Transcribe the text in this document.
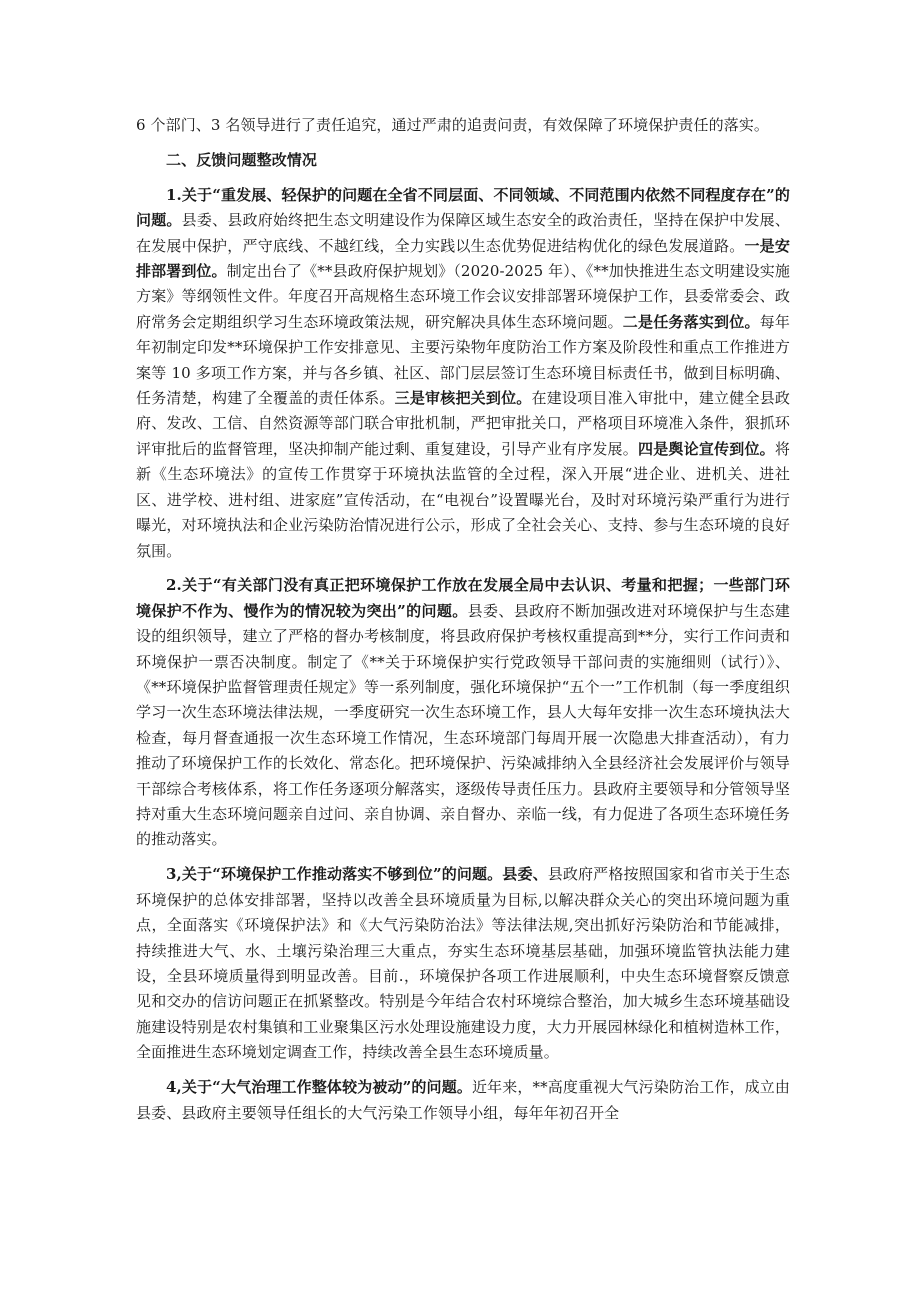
6 个部门、3 名领导进行了责任追究，通过严肃的追责问责，有效保障了环境保护责任的落实。

二、反馈问题整改情况

1.关于“重发展、轻保护的问题在全省不同层面、不同领域、不同范围内依然不同程度存在”的问题。县委、县政府始终把生态文明建设作为保障区域生态安全的政治责任，坚持在保护中发展、在发展中保护，严守底线、不越红线，全力实践以生态优势促进结构优化的绿色发展道路。一是安排部署到位。制定出台了《**县政府保护规划》（2020-2025 年）、《**加快推进生态文明建设实施方案》等纲领性文件。年度召开高规格生态环境工作会议安排部署环境保护工作，县委常委会、政府常务会定期组织学习生态环境政策法规，研究解决具体生态环境问题。二是任务落实到位。每年年初制定印发**环境保护工作安排意见、主要污染物年度防治工作方案及阶段性和重点工作推进方案等 10 多项工作方案，并与各乡镇、社区、部门层层签订生态环境目标责任书，做到目标明确、任务清楚，构建了全覆盖的责任体系。三是审核把关到位。在建设项目准入审批中，建立健全县政府、发改、工信、自然资源等部门联合审批机制，严把审批关口，严格项目环境准入条件，狠抓环评审批后的监督管理，坚决抑制产能过剩、重复建设，引导产业有序发展。四是舆论宣传到位。将新《生态环境法》的宣传工作贯穿于环境执法监管的全过程，深入开展“进企业、进机关、进社区、进学校、进村组、进家庭”宣传活动，在“电视台”设置曝光台，及时对环境污染严重行为进行曝光，对环境执法和企业污染防治情况进行公示，形成了全社会关心、支持、参与生态环境的良好氛围。

2.关于“有关部门没有真正把环境保护工作放在发展全局中去认识、考量和把握；一些部门环境保护不作为、慢作为的情况较为突出”的问题。县委、县政府不断加强改进对环境保护与生态建设的组织领导，建立了严格的督办考核制度，将县政府保护考核权重提高到**分，实行工作问责和环境保护一票否决制度。制定了《**关于环境保护实行党政领导干部问责的实施细则（试行）》、《**环境保护监督管理责任规定》等一系列制度，强化环境保护“五个一”工作机制（每一季度组织学习一次生态环境法律法规，一季度研究一次生态环境工作，县人大每年安排一次生态环境执法大检查，每月督查通报一次生态环境工作情况，生态环境部门每周开展一次隐患大排查活动），有力推动了环境保护工作的长效化、常态化。把环境保护、污染减排纳入全县经济社会发展评价与领导干部综合考核体系，将工作任务逐项分解落实，逐级传导责任压力。县政府主要领导和分管领导坚持对重大生态环境问题亲自过问、亲自协调、亲自督办、亲临一线，有力促进了各项生态环境任务的推动落实。

3,关于“环境保护工作推动落实不够到位”的问题。县委、县政府严格按照国家和省市关于生态环境保护的总体安排部署，坚持以改善全县环境质量为目标,以解决群众关心的突出环境问题为重点，全面落实《环境保护法》和《大气污染防治法》等法律法规,突出抓好污染防治和节能减排，持续推进大气、水、土壤污染治理三大重点，夯实生态环境基层基础，加强环境监管执法能力建设，全县环境质量得到明显改善。目前.，环境保护各项工作进展顺利，中央生态环境督察反馈意见和交办的信访问题正在抓紧整改。特别是今年结合农村环境综合整治，加大城乡生态环境基础设施建设特别是农村集镇和工业聚集区污水处理设施建设力度，大力开展园林绿化和植树造林工作，全面推进生态环境划定调查工作，持续改善全县生态环境质量。

4,关于“大气治理工作整体较为被动”的问题。近年来，**高度重视大气污染防治工作，成立由县委、县政府主要领导任组长的大气污染工作领导小组，每年年初召开全
